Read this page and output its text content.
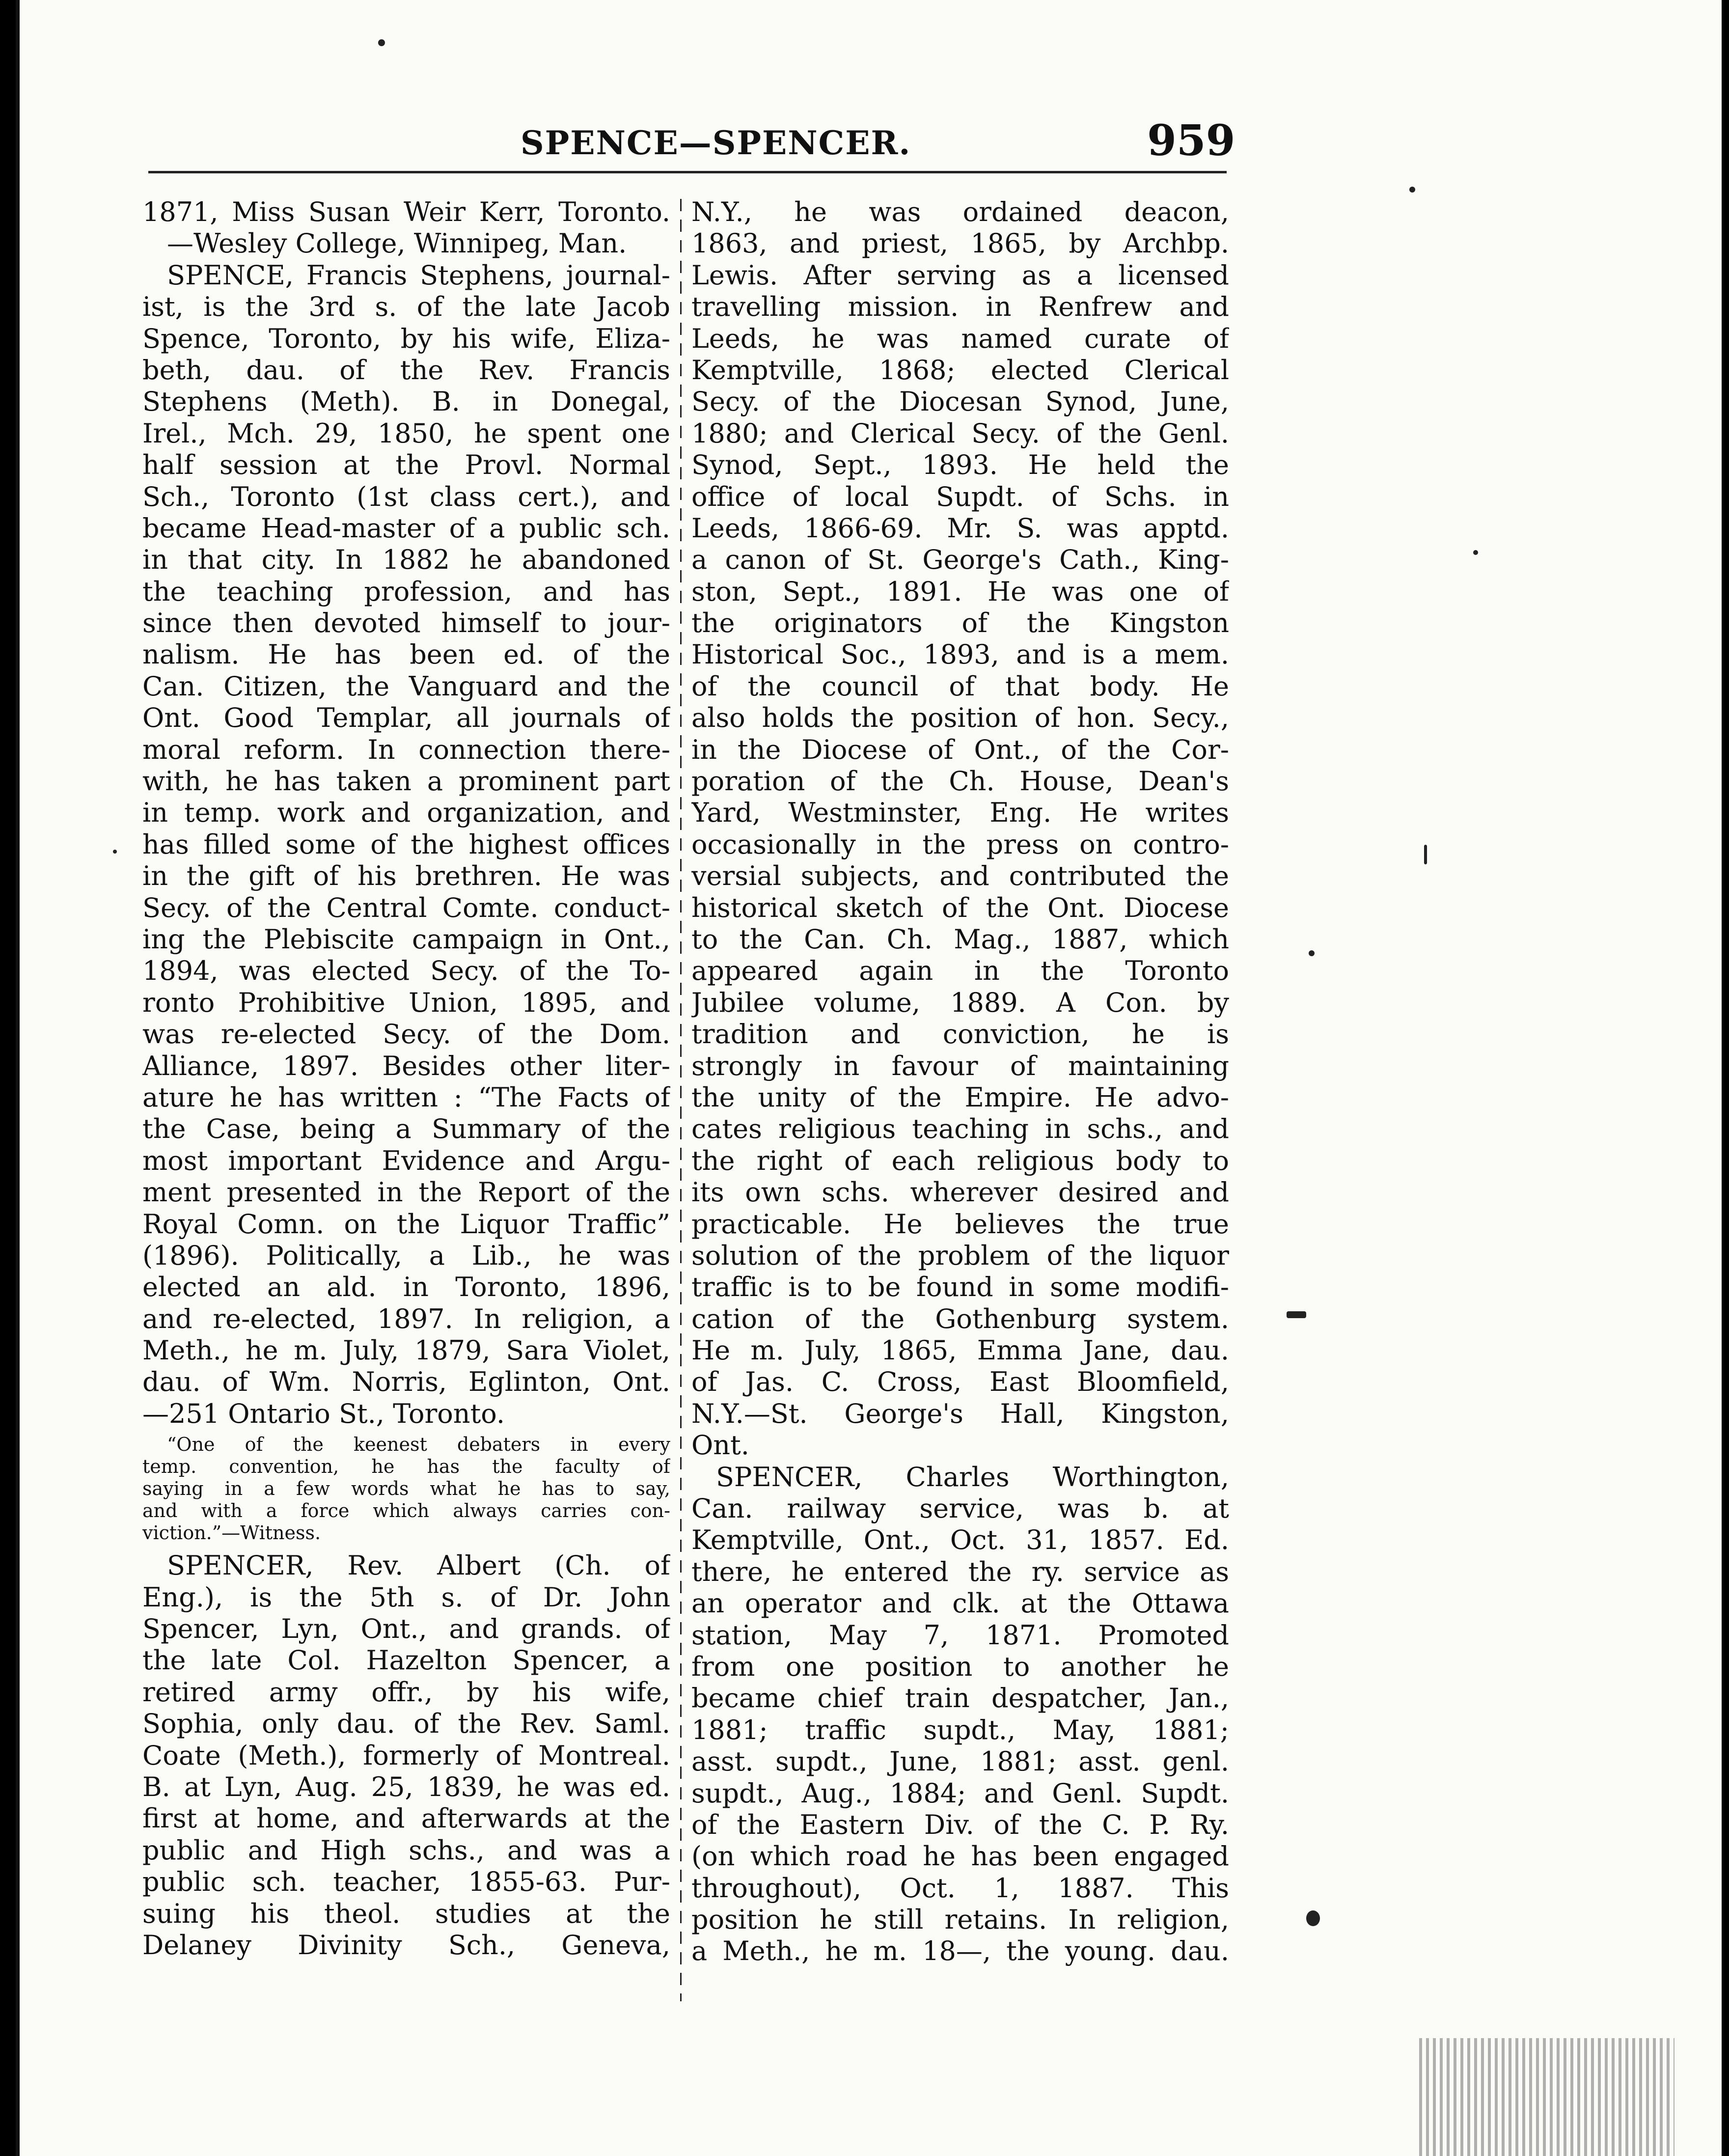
SPENCE—SPENCER.	959
1871, Miss Susan Weir Kerr, Toronto.
—Wesley College, Winnipeg, Man.
SPENCE, Francis Stephens, journal-
ist, is the 3rd s. of the late Jacob
Spence, Toronto, by his wife, Eliza-
beth, dau. of the Rev. Francis
Stephens (Meth). B. in Donegal,
Irel., Mch. 29, 1850, he spent one
half session at the Provl. Normal
Sch., Toronto (1st class cert.), and
became Head-master of a public sch.
in that city. In 1882 he abandoned
the teaching profession, and has
since then devoted himself to jour-
nalism. He has been ed. of the
Can. Citizen, the Vanguard and the
Ont. Good Templar, all journals of
moral reform. In connection there-
with, he has taken a prominent part
in temp. work and organization, and
has filled some of the highest offices
in the gift of his brethren. He was
Secy. of the Central Comte. conduct-
ing the Plebiscite campaign in Ont.,
1894, was elected Secy. of the To-
ronto Prohibitive Union, 1895, and
was re-elected Secy. of the Dom.
Alliance, 1897. Besides other liter-
ature he has written : “The Facts of
the Case, being a Summary of the
most important Evidence and Argu-
ment presented in the Report of the
Royal Comn. on the Liquor Traffic”
(1896). Politically, a Lib., he was
elected an ald. in Toronto, 1896,
and re-elected, 1897. In religion, a
Meth., he m. July, 1879, Sara Violet,
dau. of Wm. Norris, Eglinton, Ont.
—251 Ontario St., Toronto.
“One of the keenest debaters in every
temp. convention, he has the faculty of
saying in a few words what he has to say,
and with a force which always carries con-
viction.”—Witness.
SPENCER, Rev. Albert (Ch. of
Eng.), is the 5th s. of Dr. John
Spencer, Lyn, Ont., and grands. of
the late Col. Hazelton Spencer, a
retired army offr., by his wife,
Sophia, only dau. of the Rev. Saml.
Coate (Meth.), formerly of Montreal.
B. at Lyn, Aug. 25, 1839, he was ed.
first at home, and afterwards at the
public and High schs., and was a
public sch. teacher, 1855-63. Pur-
suing his theol. studies at the
Delaney Divinity Sch., Geneva,
N.Y., he was ordained deacon,
1863, and priest, 1865, by Archbp.
Lewis. After serving as a licensed
travelling mission. in Renfrew and
Leeds, he was named curate of
Kemptville, 1868; elected Clerical
Secy. of the Diocesan Synod, June,
1880; and Clerical Secy. of the Genl.
Synod, Sept., 1893. He held the
office of local Supdt. of Schs. in
Leeds, 1866-69. Mr. S. was apptd.
a canon of St. George's Cath., King-
ston, Sept., 1891. He was one of
the originators of the Kingston
Historical Soc., 1893, and is a mem.
of the council of that body. He
also holds the position of hon. Secy.,
in the Diocese of Ont., of the Cor-
poration of the Ch. House, Dean's
Yard, Westminster, Eng. He writes
occasionally in the press on contro-
versial subjects, and contributed the
historical sketch of the Ont. Diocese
to the Can. Ch. Mag., 1887, which
appeared again in the Toronto
Jubilee volume, 1889. A Con. by
tradition and conviction, he is
strongly in favour of maintaining
the unity of the Empire. He advo-
cates religious teaching in schs., and
the right of each religious body to
its own schs. wherever desired and
practicable. He believes the true
solution of the problem of the liquor
traffic is to be found in some modifi-
cation of the Gothenburg system.
He m. July, 1865, Emma Jane, dau.
of Jas. C. Cross, East Bloomfield,
N.Y.—St. George's Hall, Kingston,
Ont.
SPENCER, Charles Worthington,
Can. railway service, was b. at
Kemptville, Ont., Oct. 31, 1857. Ed.
there, he entered the ry. service as
an operator and clk. at the Ottawa
station, May 7, 1871. Promoted
from one position to another he
became chief train despatcher, Jan.,
1881; traffic supdt., May, 1881;
asst. supdt., June, 1881; asst. genl.
supdt., Aug., 1884; and Genl. Supdt.
of the Eastern Div. of the C. P. Ry.
(on which road he has been engaged
throughout), Oct. 1, 1887. This
position he still retains. In religion,
a Meth., he m. 18—, the young. dau.
